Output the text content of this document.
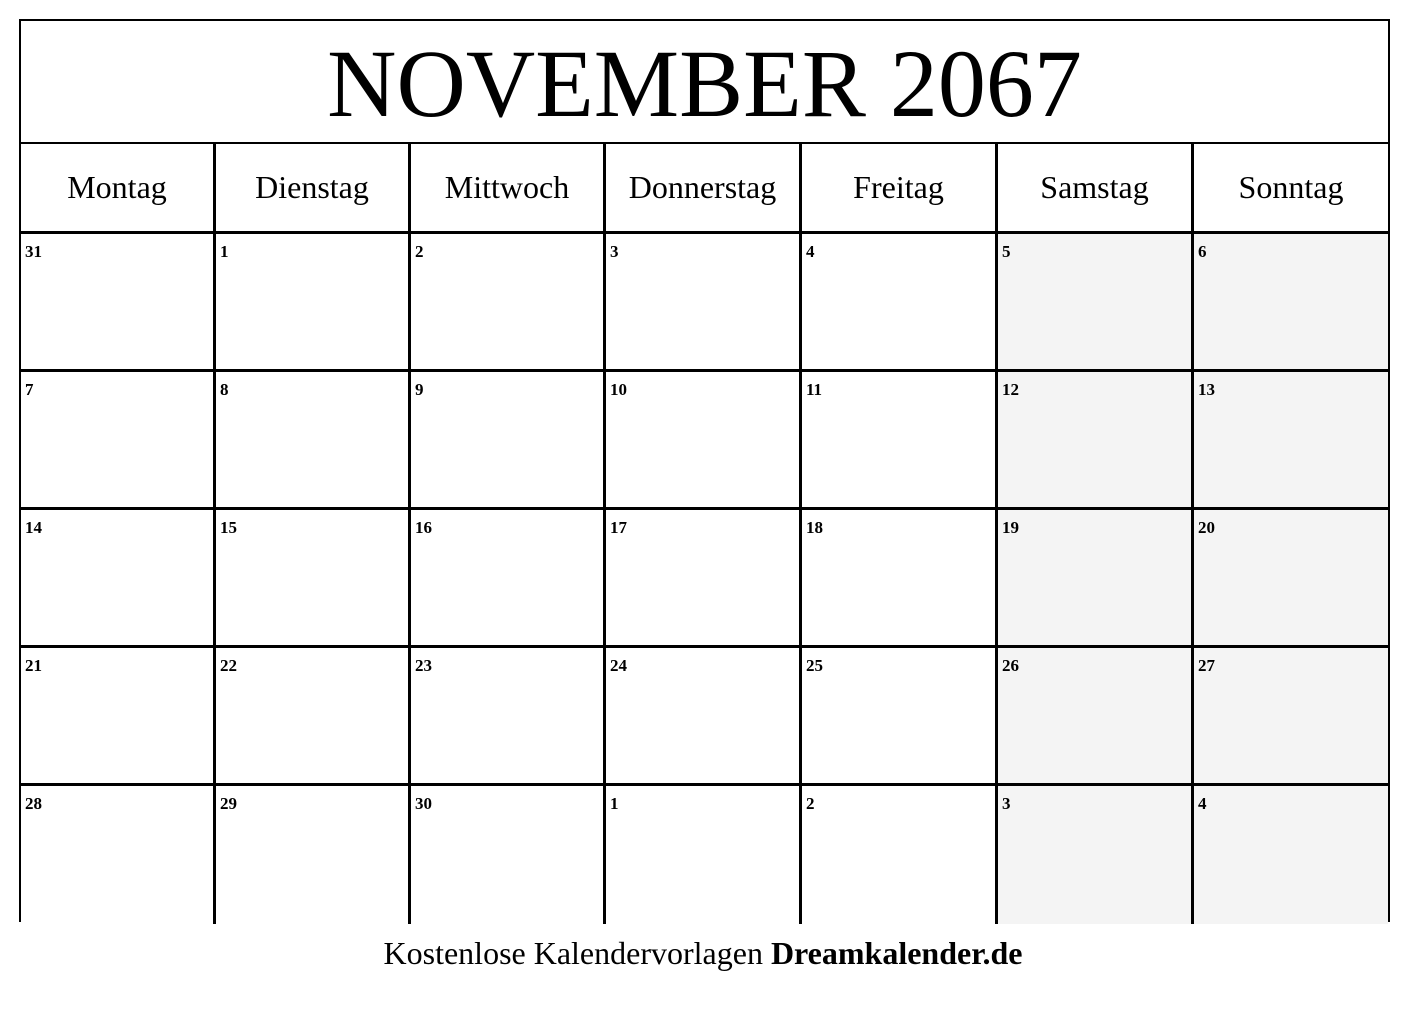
NOVEMBER 2067
Montag	Dienstag	Mittwoch	Donnerstag	Freitag	Samstag	Sonntag
31	1	2	3	4	5	6
7	8	9	10	11	12	13
14	15	16	17	18	19	20
21	22	23	24	25	26	27
28	29	30	1	2	3	4
Kostenlose Kalendervorlagen Dreamkalender.de
